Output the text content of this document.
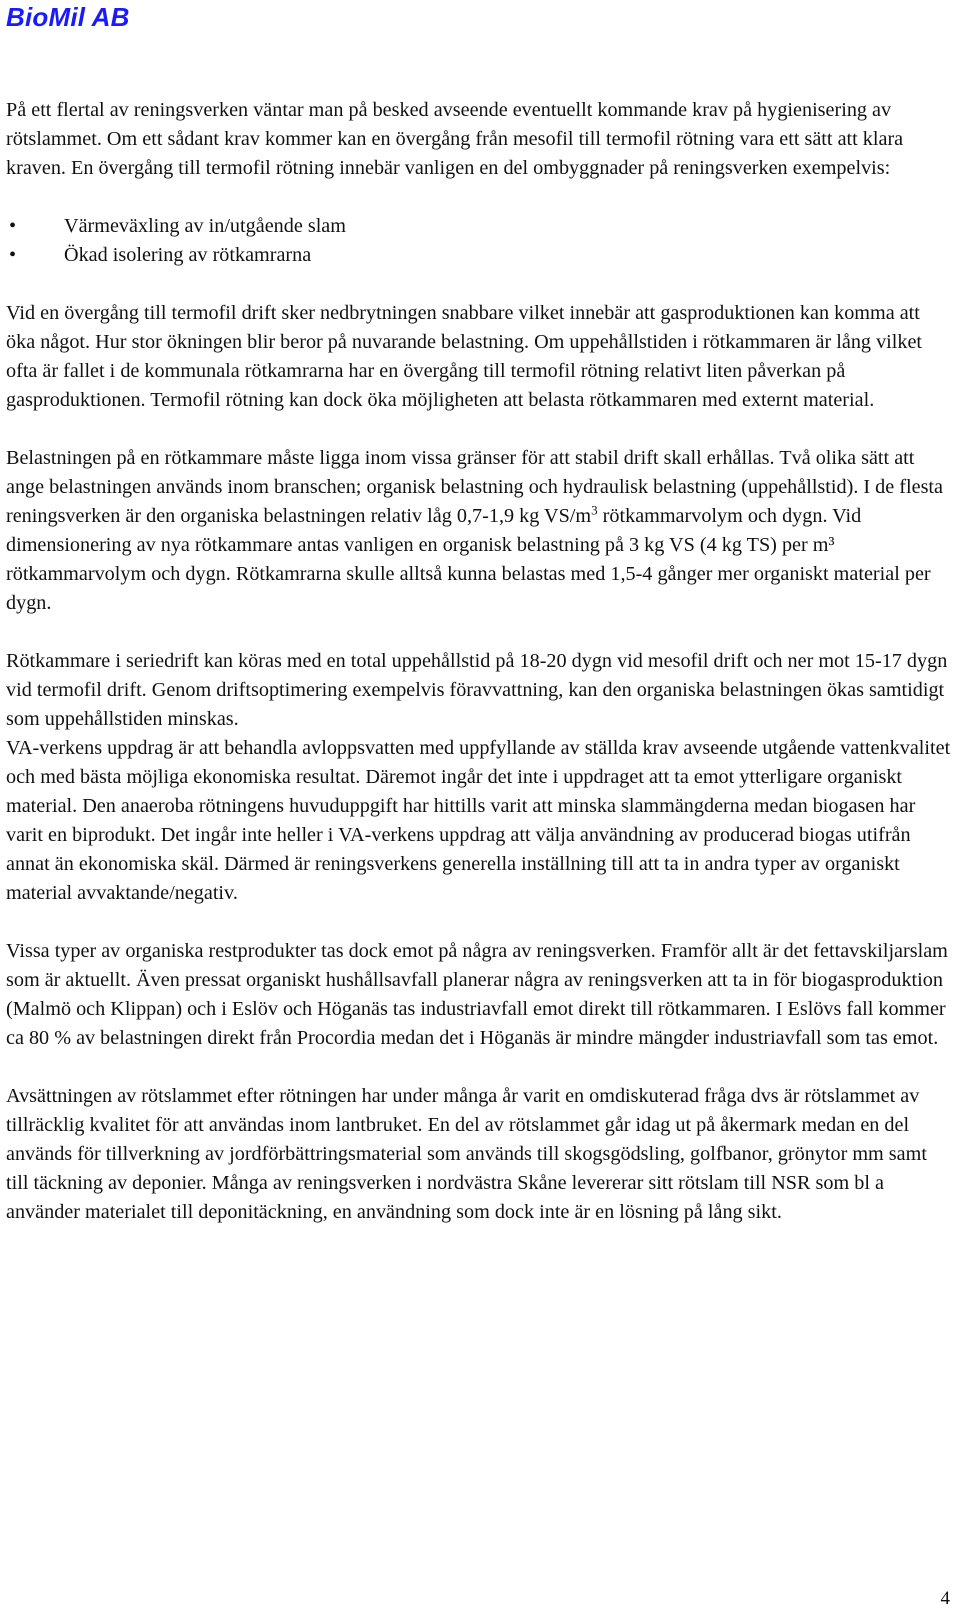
BioMil AB

På ett flertal av reningsverken väntar man på besked avseende eventuellt kommande krav på hygienisering av rötslammet. Om ett sådant krav kommer kan en övergång från mesofil till termofil rötning vara ett sätt att klara kraven. En övergång till termofil rötning innebär vanligen en del ombyggnader på reningsverken exempelvis:

• Värmeväxling av in/utgående slam
• Ökad isolering av rötkamrarna

Vid en övergång till termofil drift sker nedbrytningen snabbare vilket innebär att gasproduktionen kan komma att öka något. Hur stor ökningen blir beror på nuvarande belastning. Om uppehållstiden i rötkammaren är lång vilket ofta är fallet i de kommunala rötkamrarna har en övergång till termofil rötning relativt liten påverkan på gasproduktionen. Termofil rötning kan dock öka möjligheten att belasta rötkammaren med externt material.

Belastningen på en rötkammare måste ligga inom vissa gränser för att stabil drift skall erhållas. Två olika sätt att ange belastningen används inom branschen; organisk belastning och hydraulisk belastning (uppehållstid). I de flesta reningsverken är den organiska belastningen relativ låg 0,7-1,9 kg $VS/m^3$ rötkammarvolym och dygn. Vid dimensionering av nya rötkammare antas vanligen en organisk belastning på 3 kg VS (4 kg TS) per m³ rötkammarvolym och dygn. Rötkamrarna skulle alltså kunna belastas med 1,5-4 gånger mer organiskt material per dygn.

Rötkammare i seriedrift kan köras med en total uppehållstid på 18-20 dygn vid mesofil drift och ner mot 15-17 dygn vid termofil drift. Genom driftsoptimering exempelvis föravvattning, kan den organiska belastningen ökas samtidigt som uppehållstiden minskas.

VA-verkens uppdrag är att behandla avloppsvatten med uppfyllande av ställda krav avseende utgående vattenkvalitet och med bästa möjliga ekonomiska resultat. Däremot ingår det inte i uppdraget att ta emot ytterligare organiskt material. Den anaeroba rötningens huvuduppgift har hittills varit att minska slammängderna medan biogasen har varit en biprodukt. Det ingår inte heller i VA-verkens uppdrag att välja användning av producerad biogas utifrån annat än ekonomiska skäl. Därmed är reningsverkens generella inställning till att ta in andra typer av organiskt material avvaktande/negativ.

Vissa typer av organiska restprodukter tas dock emot på några av reningsverken. Framför allt är det fettavskiljarslam som är aktuellt. Även pressat organiskt hushållsavfall planerar några av reningsverken att ta in för biogasproduktion (Malmö och Klippan) och i Eslöv och Höganäs tas industriavfall emot direkt till rötkammaren. I Eslövs fall kommer ca 80 % av belastningen direkt från Procordia medan det i Höganäs är mindre mängder industriavfall som tas emot.

Avsättningen av rötslammet efter rötningen har under många år varit en omdiskuterad fråga dvs är rötslammet av tillräcklig kvalitet för att användas inom lantbruket. En del av rötslammet går idag ut på åkermark medan en del används för tillverkning av jordförbättringsmaterial som används till skogsgödsling, golfbanor, grönytor mm samt till täckning av deponier. Många av reningsverken i nordvästra Skåne levererar sitt rötslam till NSR som bl a använder materialet till deponitäckning, en användning som dock inte är en lösning på lång sikt.

4
